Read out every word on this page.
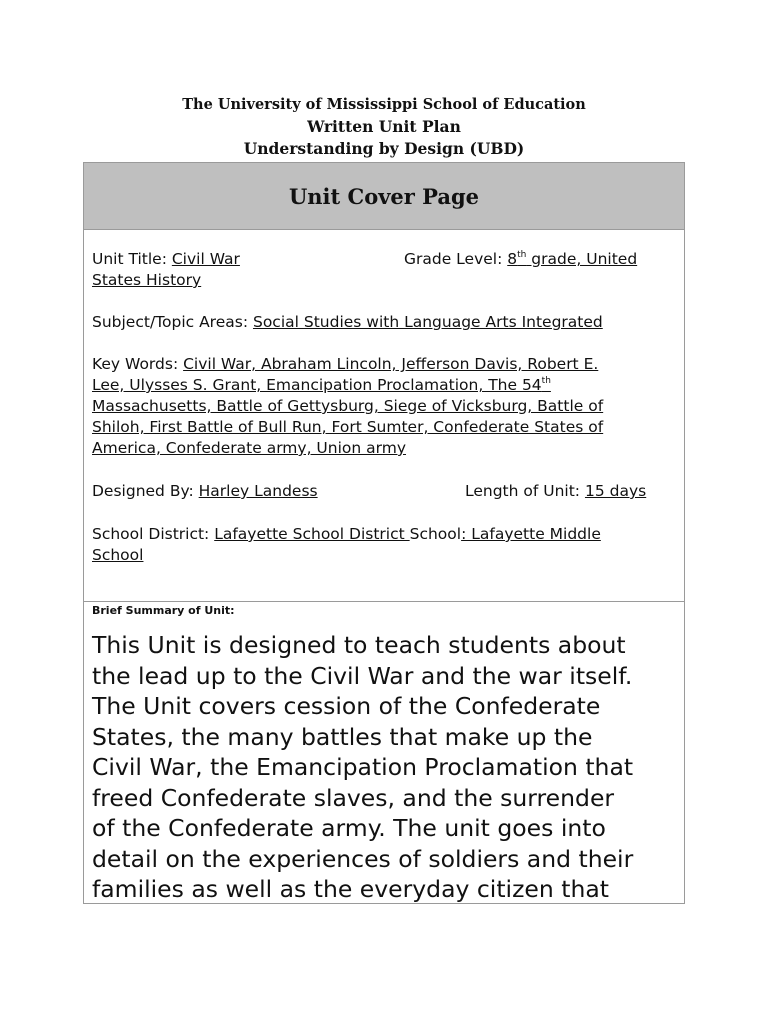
The University of Mississippi School of Education
Written Unit Plan
Understanding by Design (UBD)
Unit Cover Page
Unit Title: Civil War	Grade Level: 8th grade, United
States History
Subject/Topic Areas: Social Studies with Language Arts Integrated
Key Words: Civil War, Abraham Lincoln, Jefferson Davis, Robert E.
Lee, Ulysses S. Grant, Emancipation Proclamation, The 54th
Massachusetts, Battle of Gettysburg, Siege of Vicksburg, Battle of
Shiloh, First Battle of Bull Run, Fort Sumter, Confederate States of
America, Confederate army, Union army
Designed By: Harley Landess	Length of Unit: 15 days
School District: Lafayette School District School: Lafayette Middle
School
Brief Summary of Unit:
This Unit is designed to teach students about
the lead up to the Civil War and the war itself.
The Unit covers cession of the Confederate
States, the many battles that make up the
Civil War, the Emancipation Proclamation that
freed Confederate slaves, and the surrender
of the Confederate army. The unit goes into
detail on the experiences of soldiers and their
families as well as the everyday citizen that
